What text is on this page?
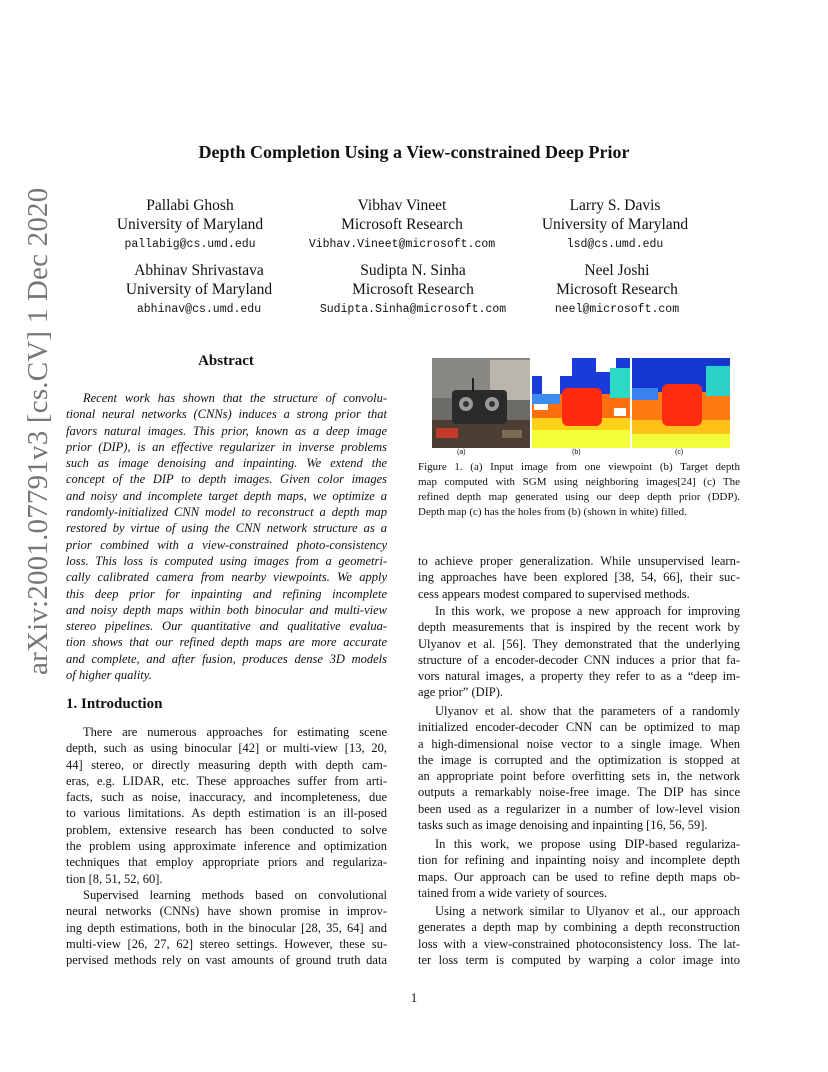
arXiv:2001.07791v3 [cs.CV] 1 Dec 2020
Depth Completion Using a View-constrained Deep Prior
Pallabi Ghosh
University of Maryland
pallabig@cs.umd.edu
Vibhav Vineet
Microsoft Research
Vibhav.Vineet@microsoft.com
Larry S. Davis
University of Maryland
lsd@cs.umd.edu
Abhinav Shrivastava
University of Maryland
abhinav@cs.umd.edu
Sudipta N. Sinha
Microsoft Research
Sudipta.Sinha@microsoft.com
Neel Joshi
Microsoft Research
neel@microsoft.com
Abstract
Recent work has shown that the structure of convolu-
tional neural networks (CNNs) induces a strong prior that
favors natural images. This prior, known as a deep image
prior (DIP), is an effective regularizer in inverse problems
such as image denoising and inpainting. We extend the
concept of the DIP to depth images. Given color images
and noisy and incomplete target depth maps, we optimize a
randomly-initialized CNN model to reconstruct a depth map
restored by virtue of using the CNN network structure as a
prior combined with a view-constrained photo-consistency
loss. This loss is computed using images from a geometri-
cally calibrated camera from nearby viewpoints. We apply
this deep prior for inpainting and refining incomplete
and noisy depth maps within both binocular and multi-view
stereo pipelines. Our quantitative and qualitative evalua-
tion shows that our refined depth maps are more accurate
and complete, and after fusion, produces dense 3D models
of higher quality.
1. Introduction
There are numerous approaches for estimating scene
depth, such as using binocular [42] or multi-view [13, 20,
44] stereo, or directly measuring depth with depth cam-
eras, e.g. LIDAR, etc. These approaches suffer from arti-
facts, such as noise, inaccuracy, and incompleteness, due
to various limitations. As depth estimation is an ill-posed
problem, extensive research has been conducted to solve
the problem using approximate inference and optimization
techniques that employ appropriate priors and regulariza-
tion [8, 51, 52, 60].
Supervised learning methods based on convolutional
neural networks (CNNs) have shown promise in improv-
ing depth estimations, both in the binocular [28, 35, 64] and
multi-view [26, 27, 62] stereo settings. However, these su-
pervised methods rely on vast amounts of ground truth data
(a)	(b)	(c)
Figure 1. (a) Input image from one viewpoint (b) Target depth
map computed with SGM using neighboring images[24] (c) The
refined depth map generated using our deep depth prior (DDP).
Depth map (c) has the holes from (b) (shown in white) filled.
to achieve proper generalization. While unsupervised learn-
ing approaches have been explored [38, 54, 66], their suc-
cess appears modest compared to supervised methods.
In this work, we propose a new approach for improving
depth measurements that is inspired by the recent work by
Ulyanov et al. [56]. They demonstrated that the underlying
structure of a encoder-decoder CNN induces a prior that fa-
vors natural images, a property they refer to as a “deep im-
age prior” (DIP).
Ulyanov et al. show that the parameters of a randomly
initialized encoder-decoder CNN can be optimized to map
a high-dimensional noise vector to a single image. When
the image is corrupted and the optimization is stopped at
an appropriate point before overfitting sets in, the network
outputs a remarkably noise-free image. The DIP has since
been used as a regularizer in a number of low-level vision
tasks such as image denoising and inpainting [16, 56, 59].
In this work, we propose using DIP-based regulariza-
tion for refining and inpainting noisy and incomplete depth
maps. Our approach can be used to refine depth maps ob-
tained from a wide variety of sources.
Using a network similar to Ulyanov et al., our approach
generates a depth map by combining a depth reconstruction
loss with a view-constrained photoconsistency loss. The lat-
ter loss term is computed by warping a color image into
1
